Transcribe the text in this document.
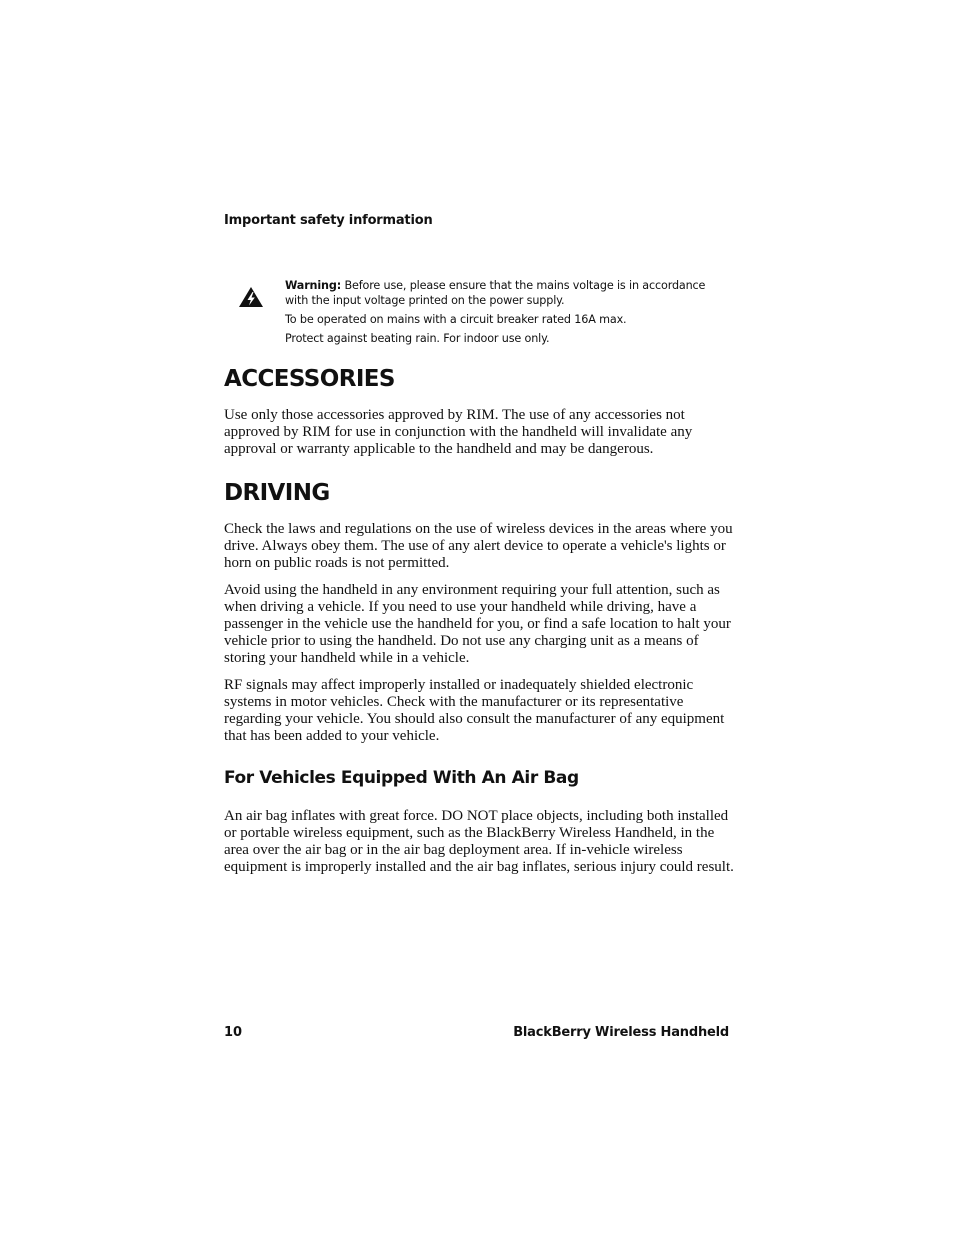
Important safety information

Warning: Before use, please ensure that the mains voltage is in accordance with the input voltage printed on the power supply.

To be operated on mains with a circuit breaker rated 16A max.

Protect against beating rain. For indoor use only.

ACCESSORIES

Use only those accessories approved by RIM. The use of any accessories not approved by RIM for use in conjunction with the handheld will invalidate any approval or warranty applicable to the handheld and may be dangerous.

DRIVING

Check the laws and regulations on the use of wireless devices in the areas where you drive. Always obey them. The use of any alert device to operate a vehicle's lights or horn on public roads is not permitted.

Avoid using the handheld in any environment requiring your full attention, such as when driving a vehicle. If you need to use your handheld while driving, have a passenger in the vehicle use the handheld for you, or find a safe location to halt your vehicle prior to using the handheld. Do not use any charging unit as a means of storing your handheld while in a vehicle.

RF signals may affect improperly installed or inadequately shielded electronic systems in motor vehicles. Check with the manufacturer or its representative regarding your vehicle. You should also consult the manufacturer of any equipment that has been added to your vehicle.

For Vehicles Equipped With An Air Bag

An air bag inflates with great force. DO NOT place objects, including both installed or portable wireless equipment, such as the BlackBerry Wireless Handheld, in the area over the air bag or in the air bag deployment area. If in-vehicle wireless equipment is improperly installed and the air bag inflates, serious injury could result.

10	BlackBerry Wireless Handheld
